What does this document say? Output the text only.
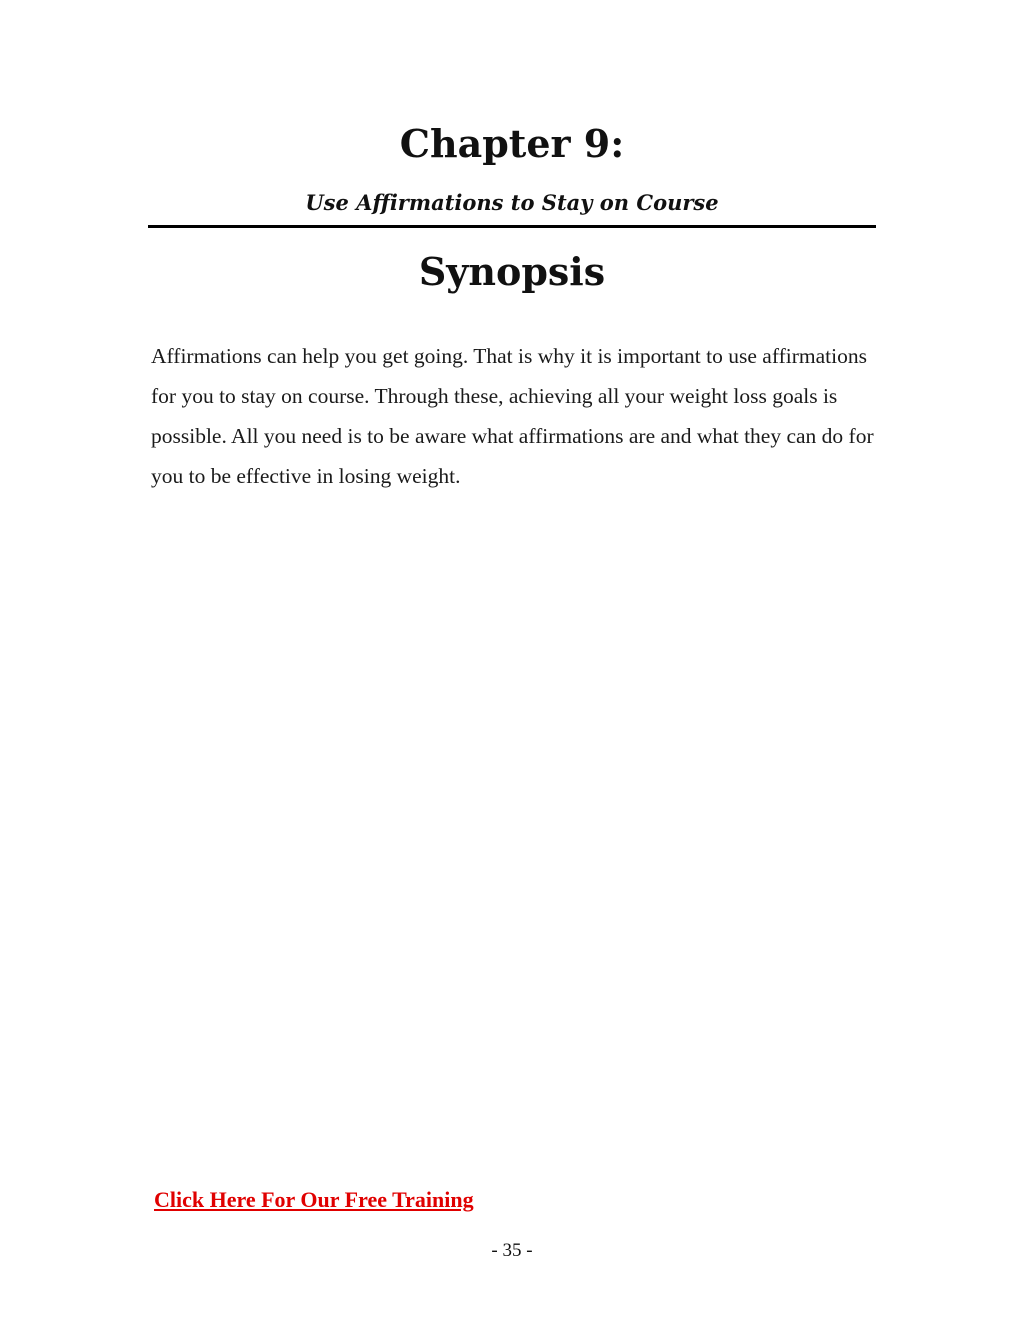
Chapter 9:
Use Affirmations to Stay on Course
Synopsis

Affirmations can help you get going. That is why it is important to use affirmations for you to stay on course. Through these, achieving all your weight loss goals is possible. All you need is to be aware what affirmations are and what they can do for you to be effective in losing weight.

Click Here For Our Free Training
- 35 -
